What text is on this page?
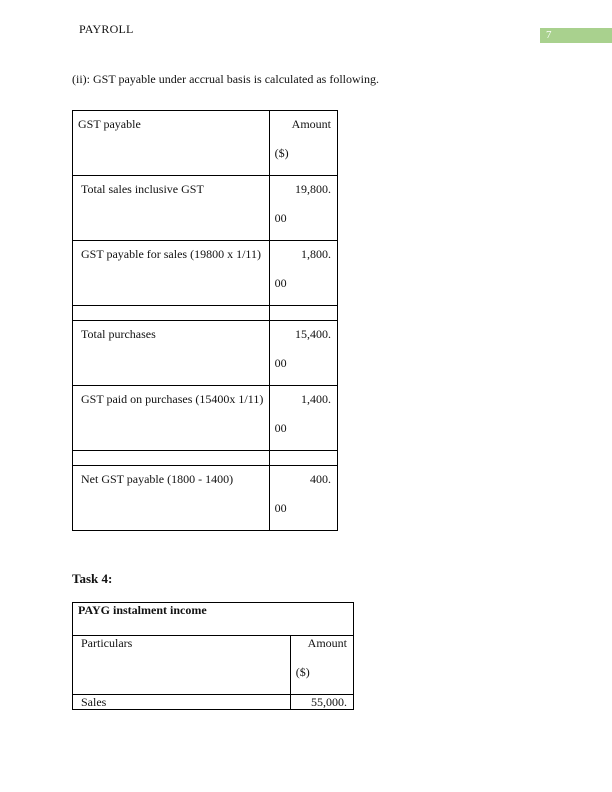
PAYROLL	7
(ii): GST payable under accrual basis is calculated as following.
GST payable	Amount
($)

Total sales inclusive GST	19,800.
00

GST payable for sales (19800 x 1/11)	1,800.
00

Total purchases	15,400.
00

GST paid on purchases (15400x 1/11)	1,400.
00

Net GST payable (1800 - 1400)	400.
00
Task 4:
PAYG instalment income	

Particulars	Amount
($)

Sales	55,000.
